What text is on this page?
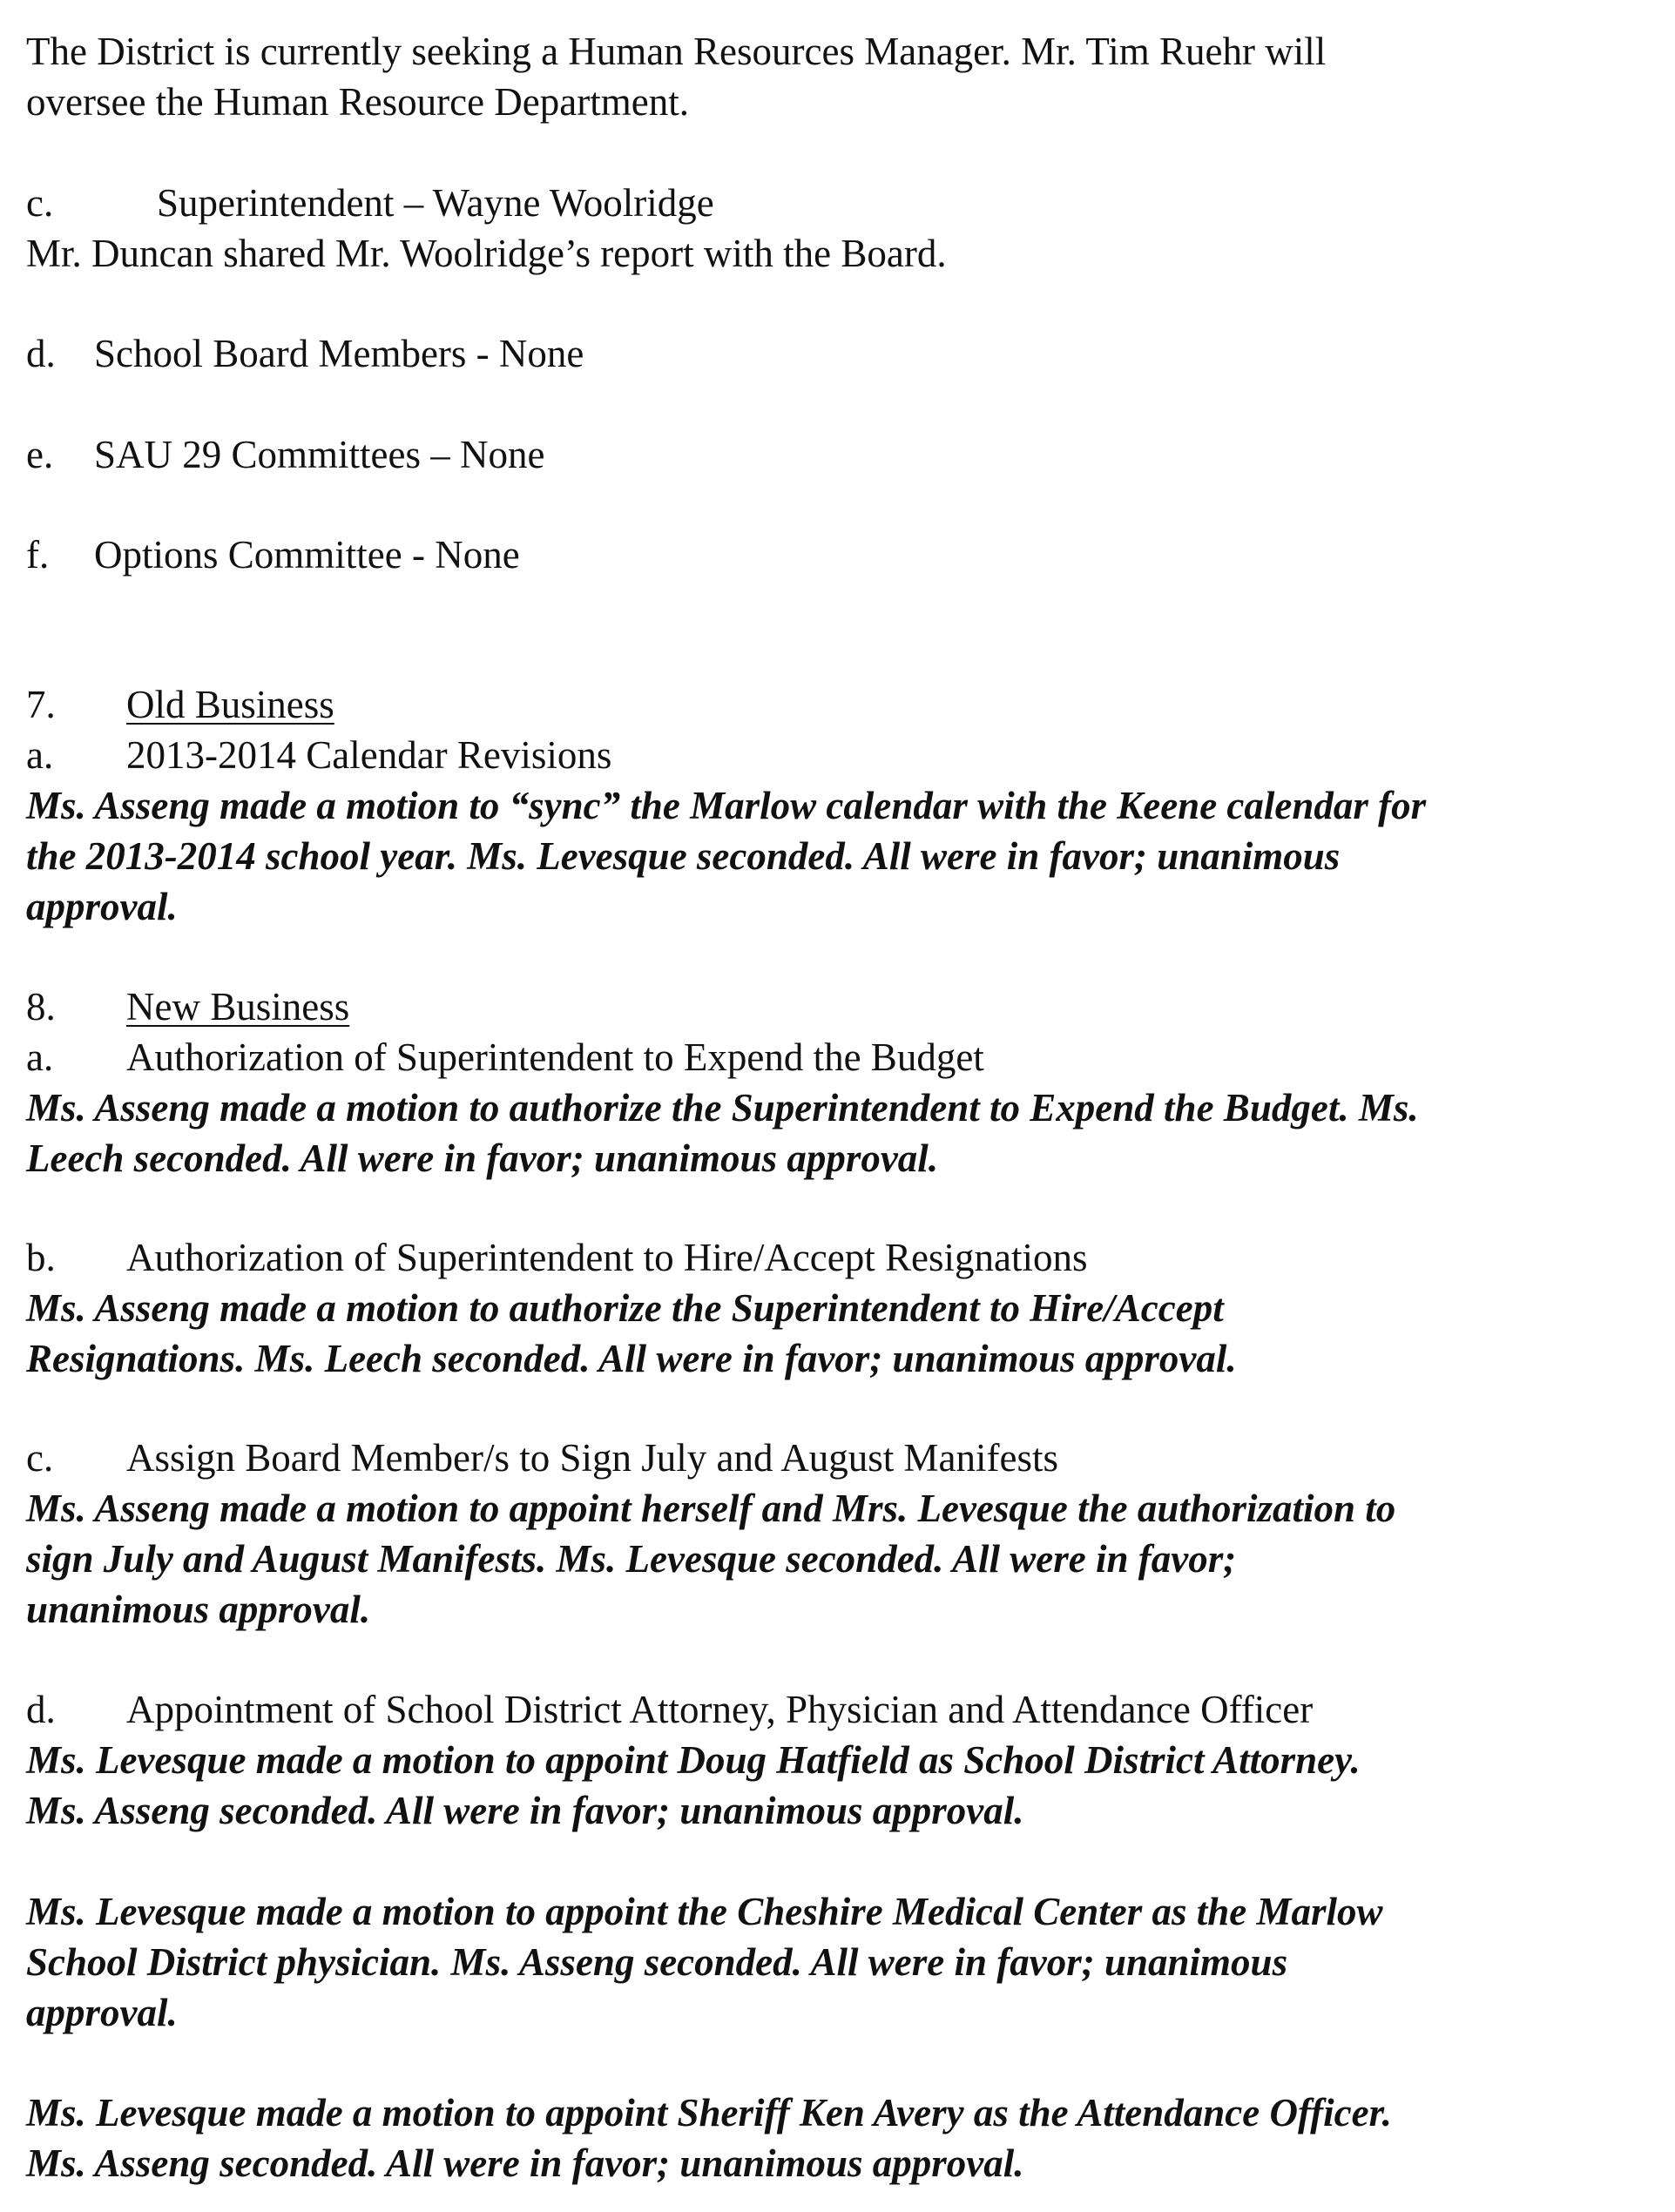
The District is currently seeking a Human Resources Manager. Mr. Tim Ruehr will
oversee the Human Resource Department.
c.	Superintendent – Wayne Woolridge
Mr. Duncan shared Mr. Woolridge’s report with the Board.
d. School Board Members - None
e. SAU 29 Committees – None
f. Options Committee - None
7. Old Business
a. 2013-2014 Calendar Revisions
Ms. Asseng made a motion to “sync” the Marlow calendar with the Keene calendar for
the 2013-2014 school year. Ms. Levesque seconded. All were in favor; unanimous
approval.
8. New Business
a. Authorization of Superintendent to Expend the Budget
Ms. Asseng made a motion to authorize the Superintendent to Expend the Budget. Ms.
Leech seconded. All were in favor; unanimous approval.
b. Authorization of Superintendent to Hire/Accept Resignations
Ms. Asseng made a motion to authorize the Superintendent to Hire/Accept
Resignations. Ms. Leech seconded. All were in favor; unanimous approval.
c. Assign Board Member/s to Sign July and August Manifests
Ms. Asseng made a motion to appoint herself and Mrs. Levesque the authorization to
sign July and August Manifests. Ms. Levesque seconded. All were in favor;
unanimous approval.
d. Appointment of School District Attorney, Physician and Attendance Officer
Ms. Levesque made a motion to appoint Doug Hatfield as School District Attorney.
Ms. Asseng seconded. All were in favor; unanimous approval.
Ms. Levesque made a motion to appoint the Cheshire Medical Center as the Marlow
School District physician. Ms. Asseng seconded. All were in favor; unanimous
approval.
Ms. Levesque made a motion to appoint Sheriff Ken Avery as the Attendance Officer.
Ms. Asseng seconded. All were in favor; unanimous approval.
